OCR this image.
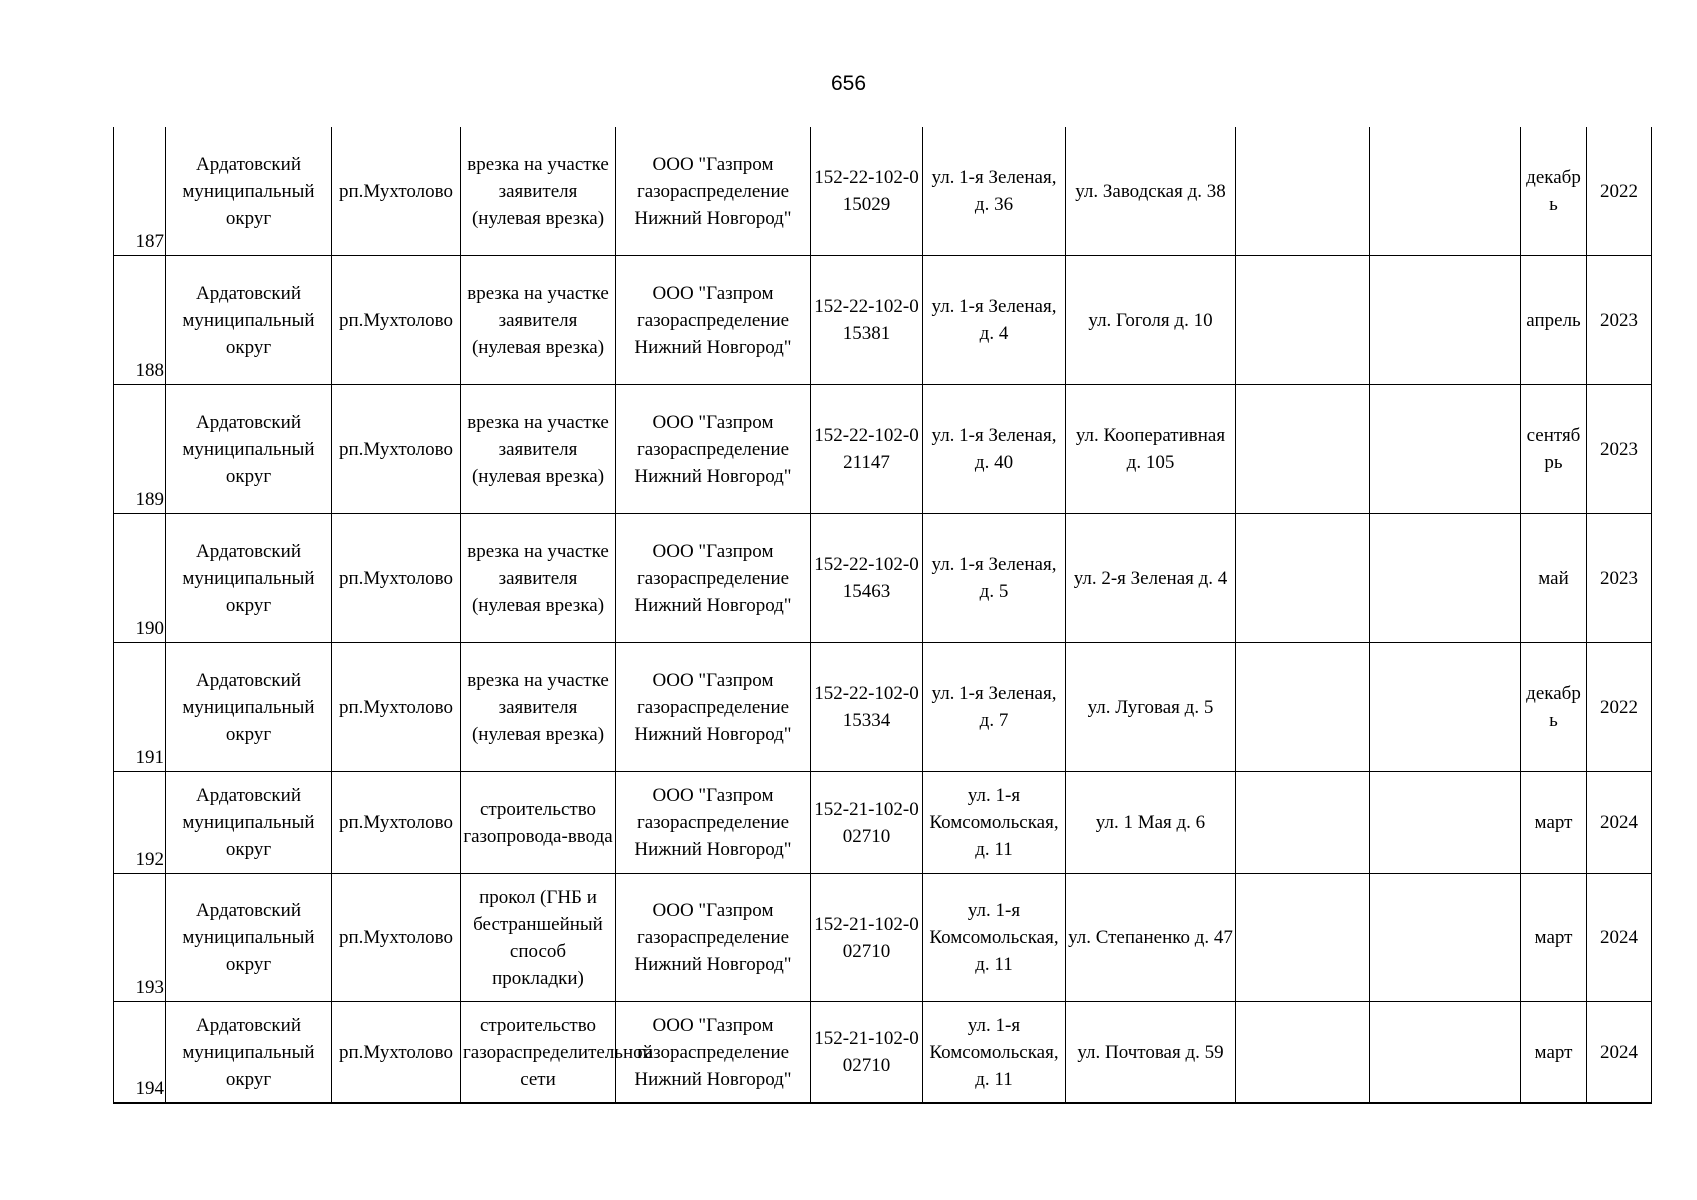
656
187	Ардатовский муниципальный округ	рп.Мухтолово	врезка на участке заявителя (нулевая врезка)	ООО "Газпром газораспределение Нижний Новгород"	152-22-102-015029	ул. 1-я Зеленая, д. 36	ул. Заводская д. 38			декабрь	2022
188	Ардатовский муниципальный округ	рп.Мухтолово	врезка на участке заявителя (нулевая врезка)	ООО "Газпром газораспределение Нижний Новгород"	152-22-102-015381	ул. 1-я Зеленая, д. 4	ул. Гоголя д. 10			апрель	2023
189	Ардатовский муниципальный округ	рп.Мухтолово	врезка на участке заявителя (нулевая врезка)	ООО "Газпром газораспределение Нижний Новгород"	152-22-102-021147	ул. 1-я Зеленая, д. 40	ул. Кооперативная д. 105			сентябрь	2023
190	Ардатовский муниципальный округ	рп.Мухтолово	врезка на участке заявителя (нулевая врезка)	ООО "Газпром газораспределение Нижний Новгород"	152-22-102-015463	ул. 1-я Зеленая, д. 5	ул. 2-я Зеленая д. 4			май	2023
191	Ардатовский муниципальный округ	рп.Мухтолово	врезка на участке заявителя (нулевая врезка)	ООО "Газпром газораспределение Нижний Новгород"	152-22-102-015334	ул. 1-я Зеленая, д. 7	ул. Луговая д. 5			декабрь	2022
192	Ардатовский муниципальный округ	рп.Мухтолово	строительство газопровода-ввода	ООО "Газпром газораспределение Нижний Новгород"	152-21-102-002710	ул. 1-я Комсомольская, д. 11	ул. 1 Мая д. 6			март	2024
193	Ардатовский муниципальный округ	рп.Мухтолово	прокол (ГНБ и бестраншейный способ прокладки)	ООО "Газпром газораспределение Нижний Новгород"	152-21-102-002710	ул. 1-я Комсомольская, д. 11	ул. Степаненко д. 47			март	2024
194	Ардатовский муниципальный округ	рп.Мухтолово	строительство газораспределительной сети	ООО "Газпром газораспределение Нижний Новгород"	152-21-102-002710	ул. 1-я Комсомольская, д. 11	ул. Почтовая д. 59			март	2024
